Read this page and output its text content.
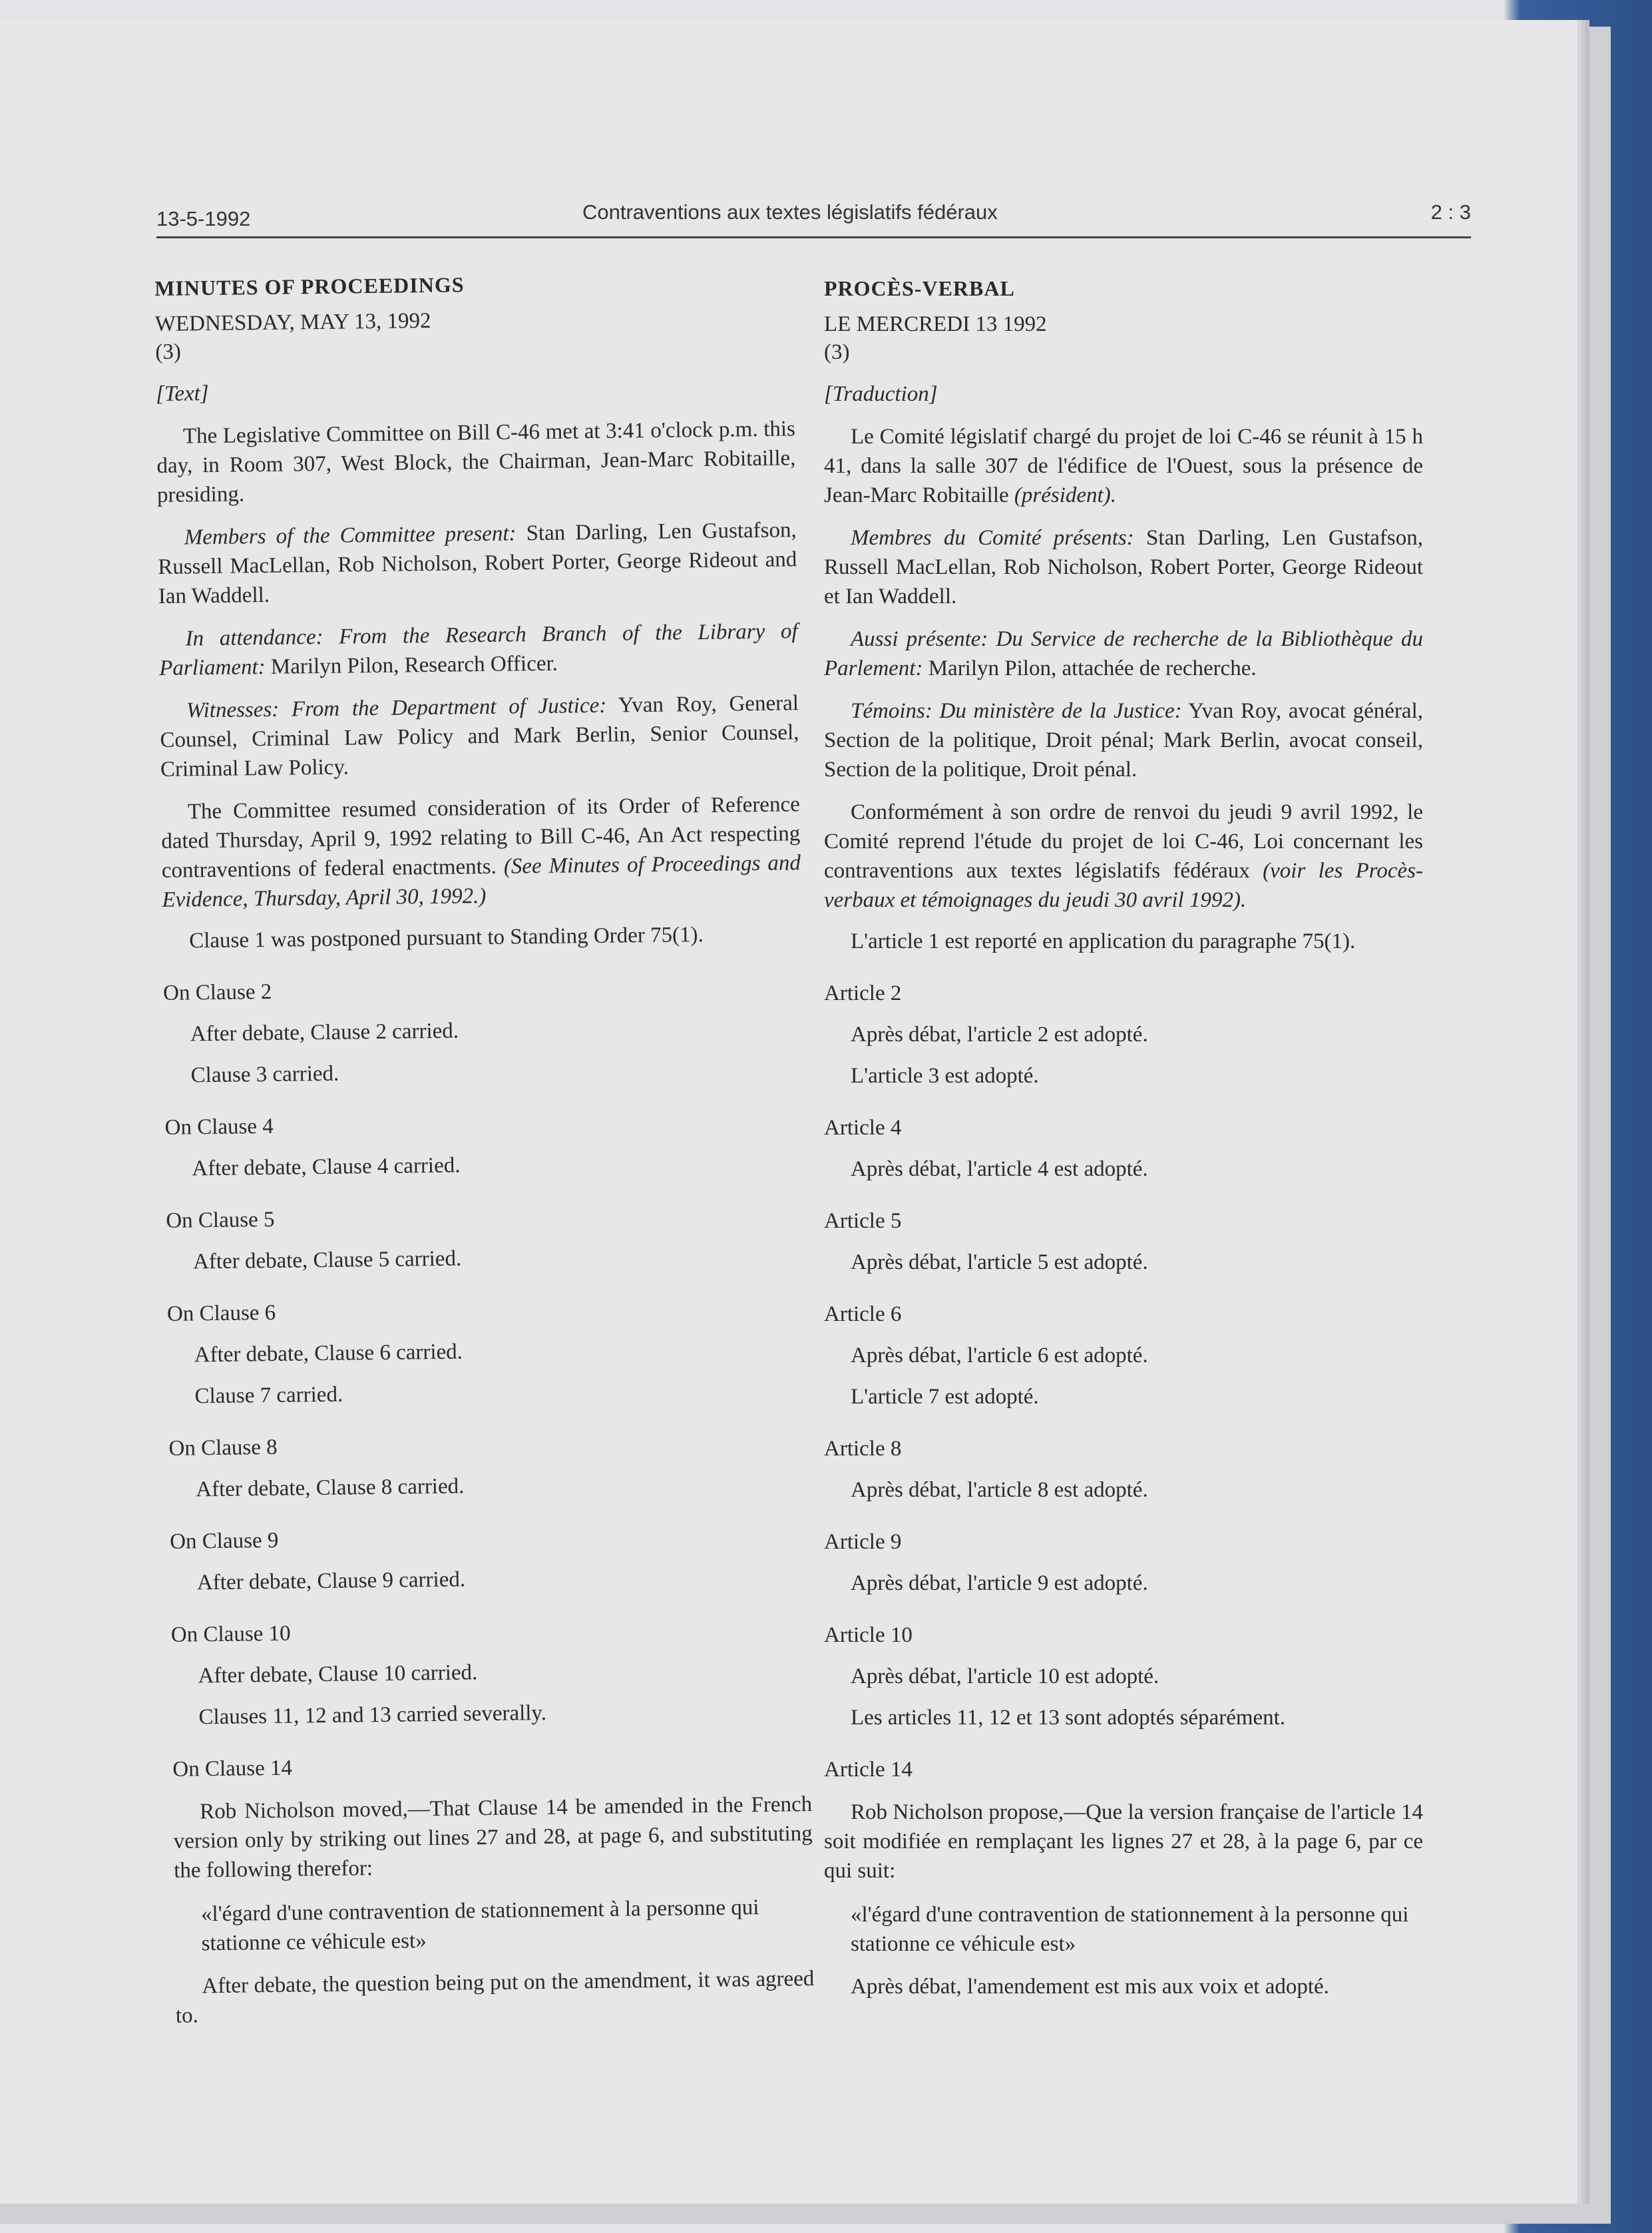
13-5-1992	Contraventions aux textes législatifs fédéraux	2 : 3

MINUTES OF PROCEEDINGS

WEDNESDAY, MAY 13, 1992

(3)

[Text]

The Legislative Committee on Bill C-46 met at 3:41 o'clock p.m. this day, in Room 307, West Block, the Chairman, Jean-Marc Robitaille, presiding.

Members of the Committee present: Stan Darling, Len Gustafson, Russell MacLellan, Rob Nicholson, Robert Porter, George Rideout and Ian Waddell.

In attendance: From the Research Branch of the Library of Parliament: Marilyn Pilon, Research Officer.

Witnesses: From the Department of Justice: Yvan Roy, General Counsel, Criminal Law Policy and Mark Berlin, Senior Counsel, Criminal Law Policy.

The Committee resumed consideration of its Order of Reference dated Thursday, April 9, 1992 relating to Bill C-46, An Act respecting contraventions of federal enactments. (See Minutes of Proceedings and Evidence, Thursday, April 30, 1992.)

Clause 1 was postponed pursuant to Standing Order 75(1).

On Clause 2

After debate, Clause 2 carried.

Clause 3 carried.

On Clause 4

After debate, Clause 4 carried.

On Clause 5

After debate, Clause 5 carried.

On Clause 6

After debate, Clause 6 carried.

Clause 7 carried.

On Clause 8

After debate, Clause 8 carried.

On Clause 9

After debate, Clause 9 carried.

On Clause 10

After debate, Clause 10 carried.

Clauses 11, 12 and 13 carried severally.

On Clause 14

Rob Nicholson moved,—That Clause 14 be amended in the French version only by striking out lines 27 and 28, at page 6, and substituting the following therefor:

«l'égard d'une contravention de stationnement à la personne qui stationne ce véhicule est»

After debate, the question being put on the amendment, it was agreed to.

PROCÈS-VERBAL

LE MERCREDI 13 1992

(3)

[Traduction]

Le Comité législatif chargé du projet de loi C-46 se réunit à 15 h 41, dans la salle 307 de l'édifice de l'Ouest, sous la présence de Jean-Marc Robitaille (président).

Membres du Comité présents: Stan Darling, Len Gustafson, Russell MacLellan, Rob Nicholson, Robert Porter, George Rideout et Ian Waddell.

Aussi présente: Du Service de recherche de la Bibliothèque du Parlement: Marilyn Pilon, attachée de recherche.

Témoins: Du ministère de la Justice: Yvan Roy, avocat général, Section de la politique, Droit pénal; Mark Berlin, avocat conseil, Section de la politique, Droit pénal.

Conformément à son ordre de renvoi du jeudi 9 avril 1992, le Comité reprend l'étude du projet de loi C-46, Loi concernant les contraventions aux textes législatifs fédéraux (voir les Procès-verbaux et témoignages du jeudi 30 avril 1992).

L'article 1 est reporté en application du paragraphe 75(1).

Article 2

Après débat, l'article 2 est adopté.

L'article 3 est adopté.

Article 4

Après débat, l'article 4 est adopté.

Article 5

Après débat, l'article 5 est adopté.

Article 6

Après débat, l'article 6 est adopté.

L'article 7 est adopté.

Article 8

Après débat, l'article 8 est adopté.

Article 9

Après débat, l'article 9 est adopté.

Article 10

Après débat, l'article 10 est adopté.

Les articles 11, 12 et 13 sont adoptés séparément.

Article 14

Rob Nicholson propose,—Que la version française de l'article 14 soit modifiée en remplaçant les lignes 27 et 28, à la page 6, par ce qui suit:

«l'égard d'une contravention de stationnement à la personne qui stationne ce véhicule est»

Après débat, l'amendement est mis aux voix et adopté.
